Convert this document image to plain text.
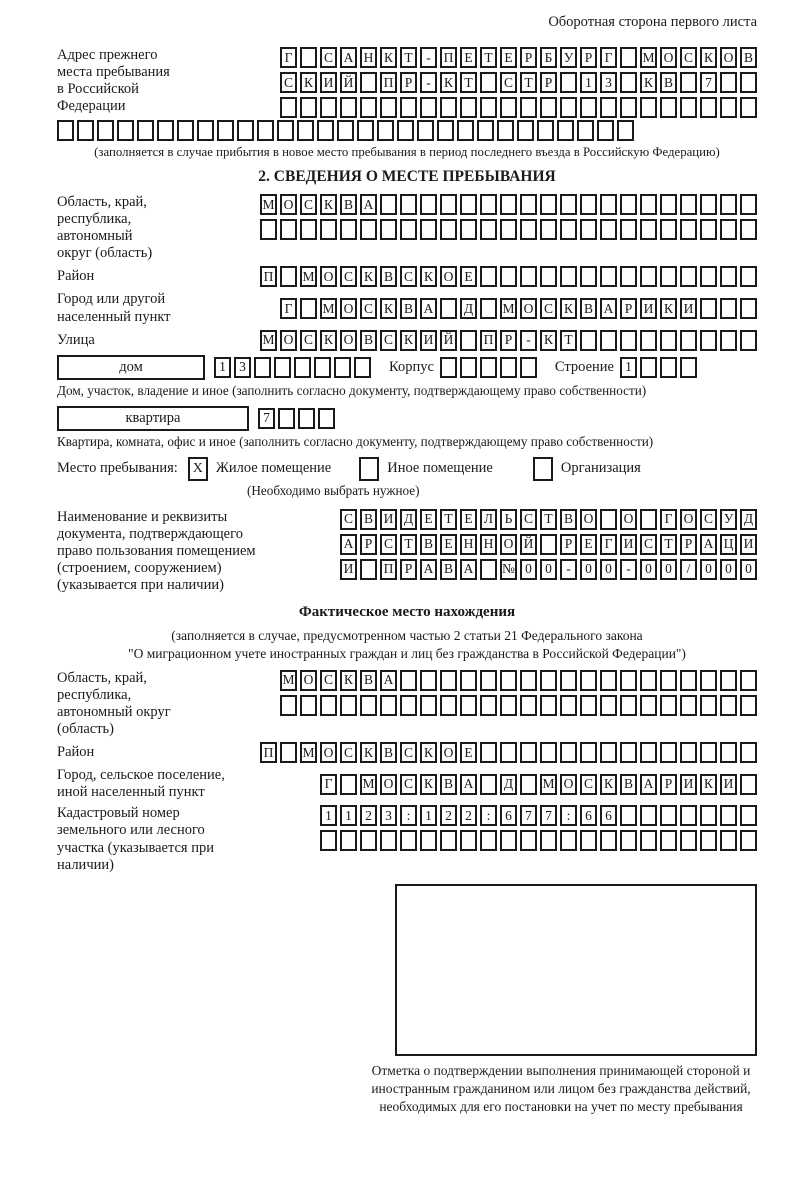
Оборотная сторона первого листа
Адрес прежнего места пребывания в Российской Федерации
Г	С А Н К Т	- П Е Т Е Р Б У Р Г	М О С К О В
С К И Й П Р	- К Т	С Т Р	1 3	К В	7
(заполняется в случае прибытия в новое место пребывания в период последнего въезда в Российскую Федерацию)
2. СВЕДЕНИЯ О МЕСТЕ ПРЕБЫВАНИЯ
Область, край, республика, автономный округ (область)
М О С К В А
Район	П М О С К В С К О Е
Город или другой населенный пункт
Г	М О С К В А Д М О С К В А Р И К И
Улица	М О С К О В С К И Й П Р	- К Т
дом	1 3	Корпус	Строение 1
Дом, участок, владение и иное (заполнить согласно документу, подтверждающему право собственности)
квартира	7
Квартира, комната, офис и иное (заполнить согласно документу, подтверждающему право собственности)
Место пребывания:	X Жилое помещение	Иное помещение	Организация
(Необходимо выбрать нужное)
Наименование и реквизиты документа, подтверждающего право пользования помещением (строением, сооружением) (указывается при наличии)
С В И Д Е Т Е Л Ь С Т В О О	Г О С У Д
А Р С Т В Е Н Н О Й	Р Е Г И С Т Р А Ц И
И П Р А В А № 0 0	-	0 0	-	0 0	/	0 0 0
Фактическое место нахождения
(заполняется в случае, предусмотренном частью 2 статьи 21 Федерального закона
"О миграционном учете иностранных граждан и лиц без гражданства в Российской Федерации")
Область, край, республика, автономный округ (область)
М О С К В А
Район	П М О С К В С К О Е
Город, сельское поселение, иной населенный пункт
Г	М О С К В А Д М О С К В А Р И К И
Кадастровый номер земельного или лесного участка (указывается при наличии)
1 1 2 3	:	1 2 2	:	6 7 7	:	6 6
Отметка о подтверждении выполнения принимающей стороной и иностранным гражданином или лицом без гражданства действий, необходимых для его постановки на учет по месту пребывания
